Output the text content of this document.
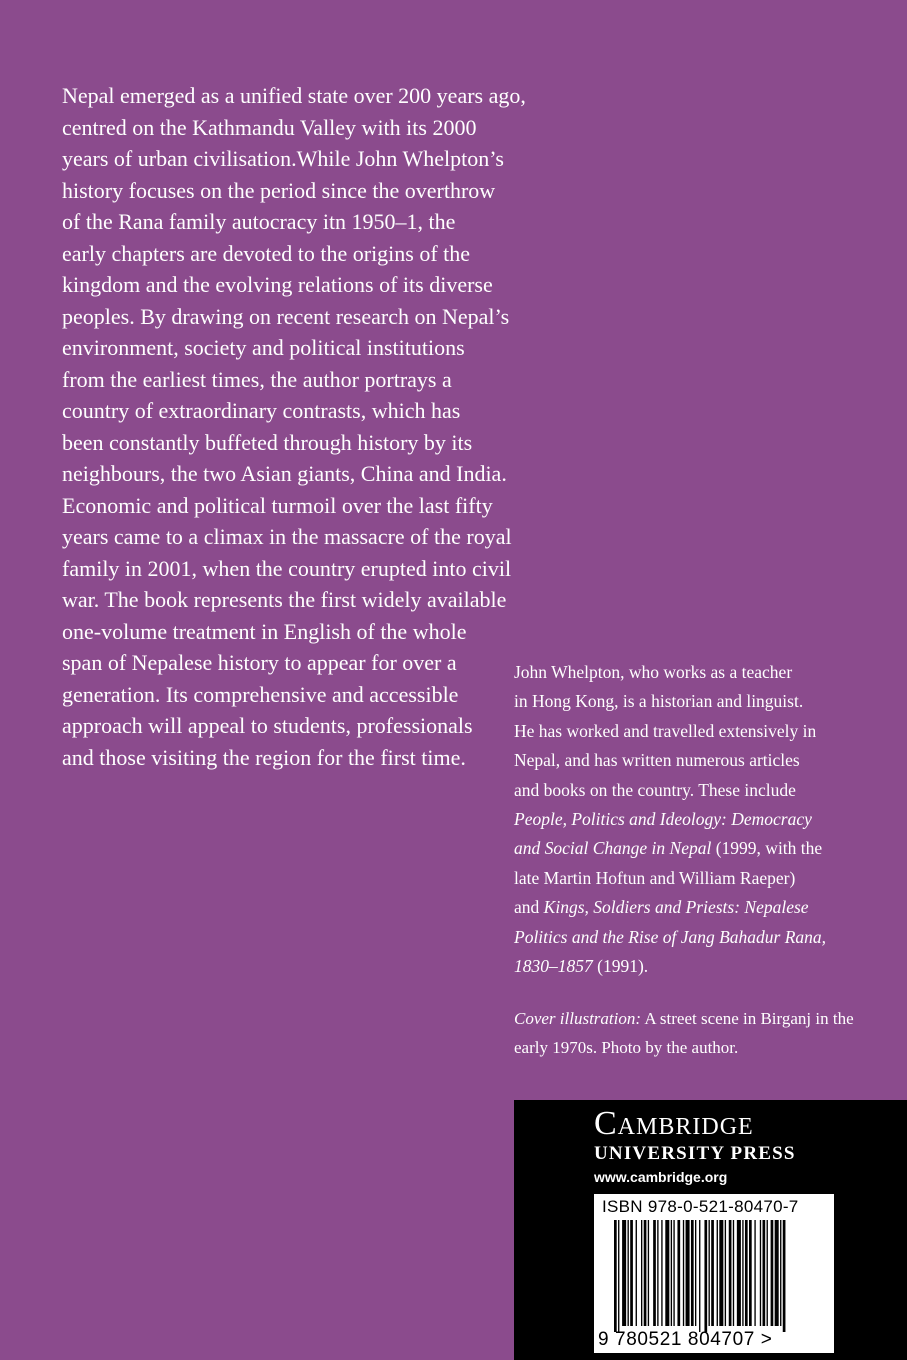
Nepal emerged as a unified state over 200 years ago,
centred on the Kathmandu Valley with its 2000
years of urban civilisation.While John Whelpton’s
history focuses on the period since the overthrow
of the Rana family autocracy itn 1950–1, the
early chapters are devoted to the origins of the
kingdom and the evolving relations of its diverse
peoples. By drawing on recent research on Nepal’s
environment, society and political institutions
from the earliest times, the author portrays a
country of extraordinary contrasts, which has
been constantly buffeted through history by its
neighbours, the two Asian giants, China and India.
Economic and political turmoil over the last fifty
years came to a climax in the massacre of the royal
family in 2001, when the country erupted into civil
war. The book represents the first widely available
one-volume treatment in English of the whole
span of Nepalese history to appear for over a
generation. Its comprehensive and accessible
approach will appeal to students, professionals
and those visiting the region for the first time.
John Whelpton, who works as a teacher
in Hong Kong, is a historian and linguist.
He has worked and travelled extensively in
Nepal, and has written numerous articles
and books on the country. These include
People, Politics and Ideology: Democracy
and Social Change in Nepal (1999, with the
late Martin Hoftun and William Raeper)
and Kings, Soldiers and Priests: Nepalese
Politics and the Rise of Jang Bahadur Rana,
1830–1857 (1991).
Cover illustration: A street scene in Birganj in the
early 1970s. Photo by the author.
Cambridge
UNIVERSITY PRESS
www.cambridge.org
ISBN 978-0-521-80470-7
9 780521 804707 >
